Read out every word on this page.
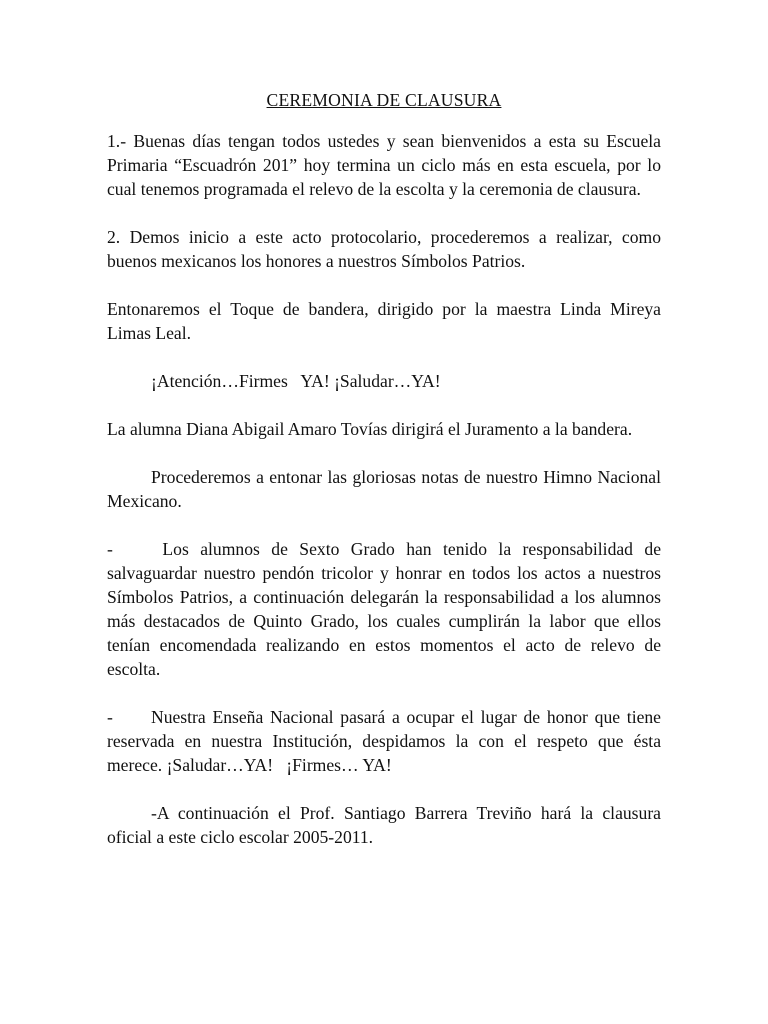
CEREMONIA DE CLAUSURA

1.- Buenas días tengan todos ustedes y sean bienvenidos a esta su Escuela Primaria “Escuadrón 201” hoy termina un ciclo más en esta escuela, por lo cual tenemos programada el relevo de la escolta y la ceremonia de clausura.

2. Demos inicio a este acto protocolario, procederemos a realizar, como buenos mexicanos los honores a nuestros Símbolos Patrios.

Entonaremos el Toque de bandera, dirigido por la maestra Linda Mireya Limas Leal.

¡Atención…Firmes   YA! ¡Saludar…YA!

La alumna Diana Abigail Amaro Tovías dirigirá el Juramento a la bandera.

Procederemos a entonar las gloriosas notas de nuestro Himno Nacional Mexicano.

- Los alumnos de Sexto Grado han tenido la responsabilidad de salvaguardar nuestro pendón tricolor y honrar en todos los actos a nuestros Símbolos Patrios, a continuación delegarán la responsabilidad a los alumnos más destacados de Quinto Grado, los cuales cumplirán la labor que ellos tenían encomendada realizando en estos momentos el acto de relevo de escolta.

- Nuestra Enseña Nacional pasará a ocupar el lugar de honor que tiene reservada en nuestra Institución, despidamos la con el respeto que ésta merece. ¡Saludar…YA!   ¡Firmes… YA!

-A continuación el Prof. Santiago Barrera Treviño hará la clausura oficial a este ciclo escolar 2005-2011.
